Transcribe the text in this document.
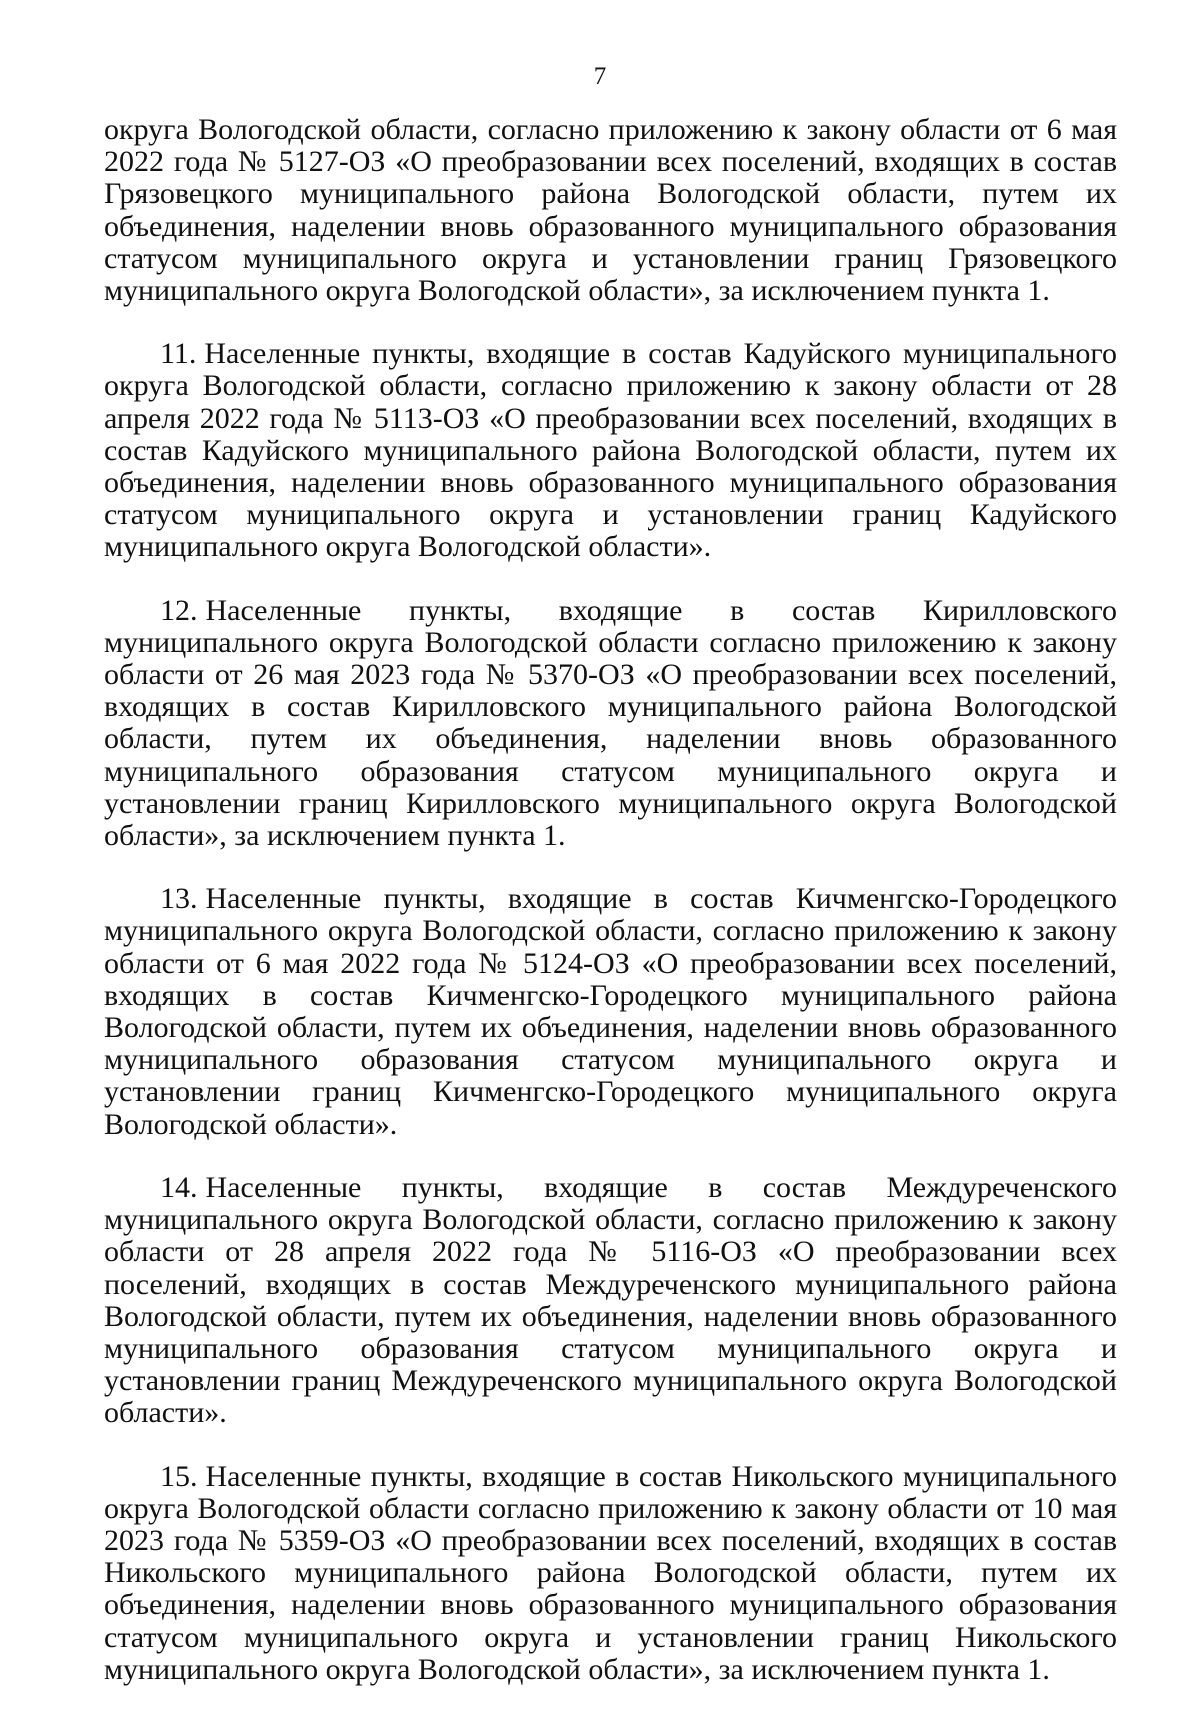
7

округа Вологодской области, согласно приложению к закону области от 6 мая 2022 года № 5127-ОЗ «О преобразовании всех поселений, входящих в состав Грязовецкого муниципального района Вологодской области, путем их объединения, наделении вновь образованного муниципального образования статусом муниципального округа и установлении границ Грязовецкого муниципального округа Вологодской области», за исключением пункта 1.

11. Населенные пункты, входящие в состав Кадуйского муниципального округа Вологодской области, согласно приложению к закону области от 28 апреля 2022 года № 5113-ОЗ «О преобразовании всех поселений, входящих в состав Кадуйского муниципального района Вологодской области, путем их объединения, наделении вновь образованного муниципального образования статусом муниципального округа и установлении границ Кадуйского муниципального округа Вологодской области».

12. Населенные пункты, входящие в состав Кирилловского муниципального округа Вологодской области согласно приложению к закону области от 26 мая 2023 года № 5370-ОЗ «О преобразовании всех поселений, входящих в состав Кирилловского муниципального района Вологодской области, путем их объединения, наделении вновь образованного муниципального образования статусом муниципального округа и установлении границ Кирилловского муниципального округа Вологодской области», за исключением пункта 1.

13. Населенные пункты, входящие в состав Кичменгско-Городецкого муниципального округа Вологодской области, согласно приложению к закону области от 6 мая 2022 года № 5124-ОЗ «О преобразовании всех поселений, входящих в состав Кичменгско-Городецкого муниципального района Вологодской области, путем их объединения, наделении вновь образованного муниципального образования статусом муниципального округа и установлении границ Кичменгско-Городецкого муниципального округа Вологодской области».

14. Населенные пункты, входящие в состав Междуреченского муниципального округа Вологодской области, согласно приложению к закону области от 28 апреля 2022 года № 5116-ОЗ «О преобразовании всех поселений, входящих в состав Междуреченского муниципального района Вологодской области, путем их объединения, наделении вновь образованного муниципального образования статусом муниципального округа и установлении границ Междуреченского муниципального округа Вологодской области».

15. Населенные пункты, входящие в состав Никольского муниципального округа Вологодской области согласно приложению к закону области от 10 мая 2023 года № 5359-ОЗ «О преобразовании всех поселений, входящих в состав Никольского муниципального района Вологодской области, путем их объединения, наделении вновь образованного муниципального образования статусом муниципального округа и установлении границ Никольского муниципального округа Вологодской области», за исключением пункта 1.
